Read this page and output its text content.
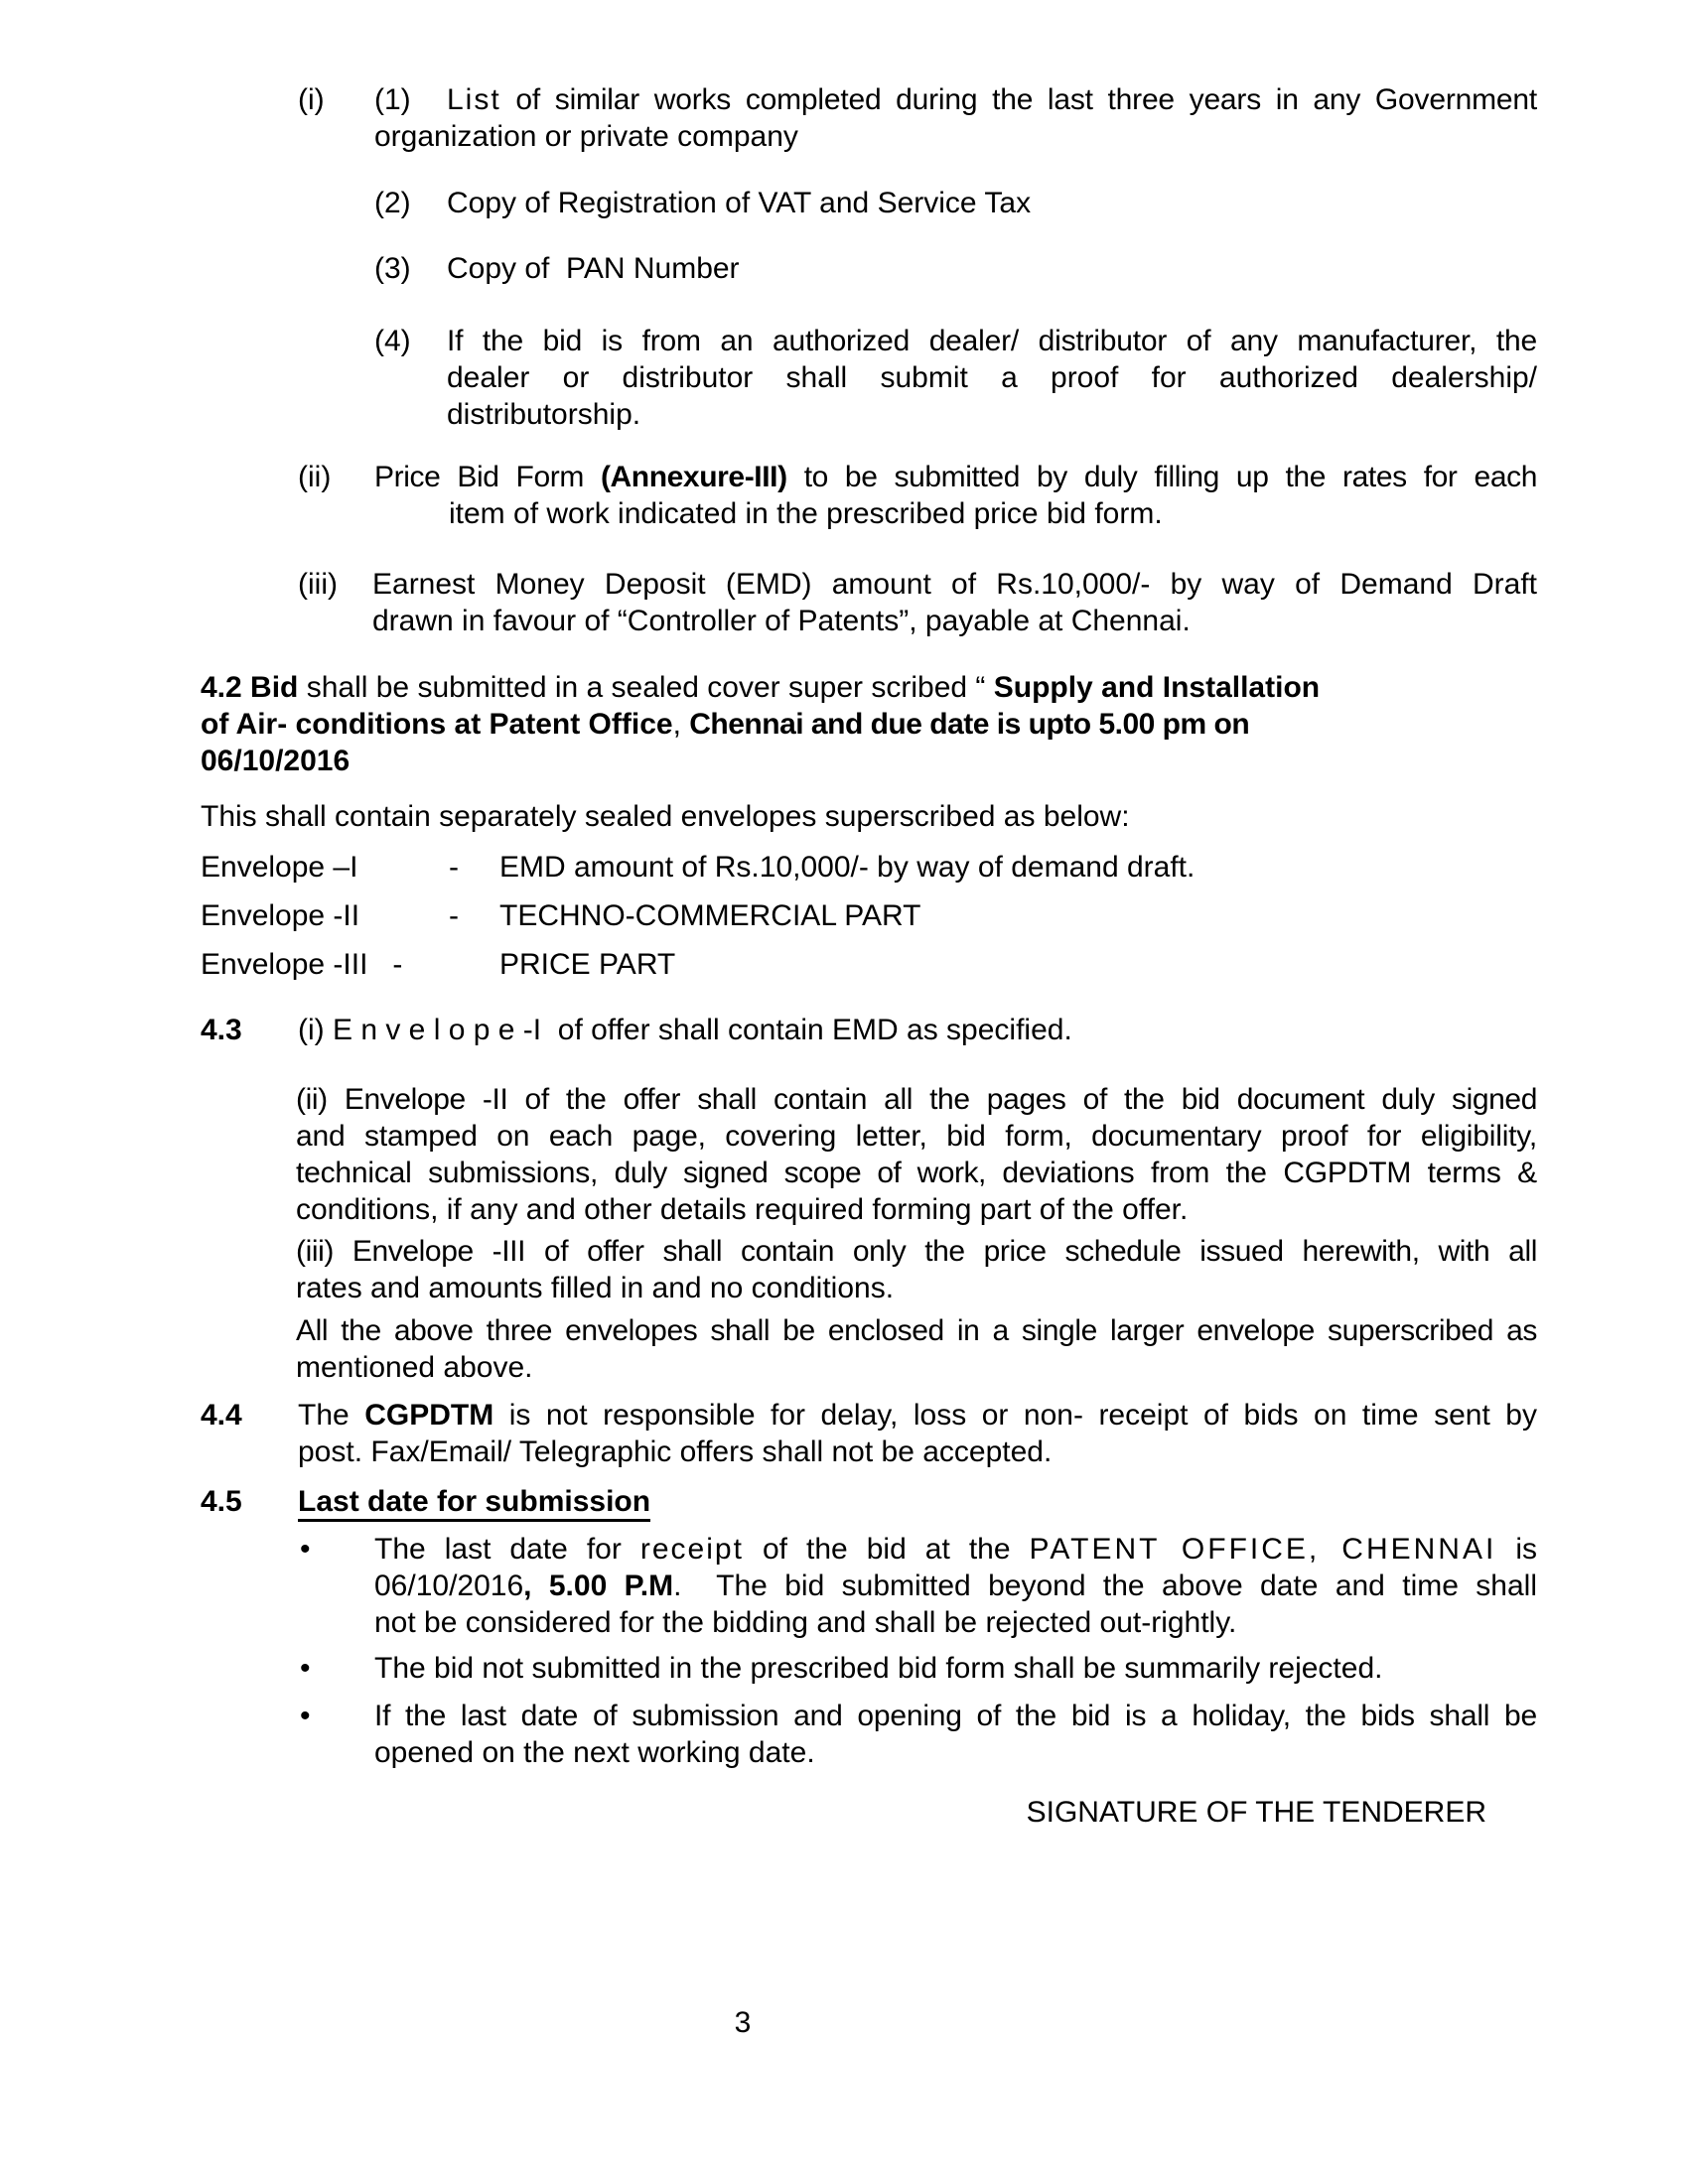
(i) (1) List of similar works completed during the last three years in any Government
organization or private company
(2) Copy of Registration of VAT and Service Tax
(3) Copy of  PAN Number
(4) If the bid is from an authorized dealer/ distributor of any manufacturer, the
dealer or distributor shall submit a proof for authorized dealership/
distributorship.
(ii) Price Bid Form (Annexure-III) to be submitted by duly filling up the rates for each
item of work indicated in the prescribed price bid form.
(iii) Earnest Money Deposit (EMD) amount of Rs.10,000/- by way of Demand Draft
drawn in favour of “Controller of Patents”, payable at Chennai.
4.2 Bid shall be submitted in a sealed cover super scribed “ Supply and Installation
of Air- conditions at Patent Office, Chennai and due date is upto 5.00 pm on
06/10/2016
This shall contain separately sealed envelopes superscribed as below:
Envelope –I	- EMD amount of Rs.10,000/- by way of demand draft.
Envelope -II	- TECHNO-COMMERCIAL PART
Envelope -III   -	PRICE PART
4.3 (i) E n v e l o p e -I  of offer shall contain EMD as specified.
(ii) Envelope -II of the offer shall contain all the pages of the bid document duly signed
and stamped on each page, covering letter, bid form, documentary proof for eligibility,
technical submissions, duly signed scope of work, deviations from the CGPDTM terms &
conditions, if any and other details required forming part of the offer.
(iii) Envelope -III of offer shall contain only the price schedule issued herewith, with all
rates and amounts filled in and no conditions.
All the above three envelopes shall be enclosed in a single larger envelope superscribed as
mentioned above.
4.4 The CGPDTM is not responsible for delay, loss or non- receipt of bids on time sent by
post. Fax/Email/ Telegraphic offers shall not be accepted.
4.5 Last date for submission
• The last date for receipt of the bid at the PATENT OFFICE, CHENNAI is
06/10/2016, 5.00 P.M.  The bid submitted beyond the above date and time shall
not be considered for the bidding and shall be rejected out-rightly.
• The bid not submitted in the prescribed bid form shall be summarily rejected.
• If the last date of submission and opening of the bid is a holiday, the bids shall be
opened on the next working date.
SIGNATURE OF THE TENDERER
3
